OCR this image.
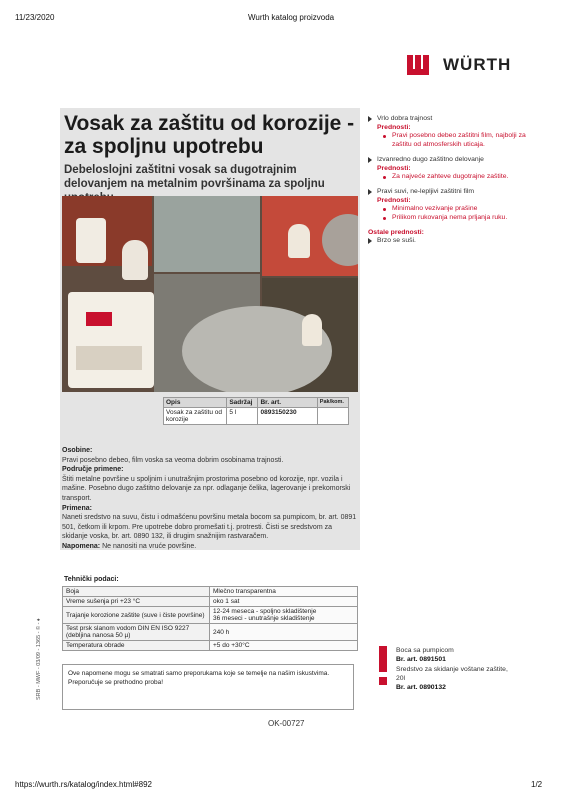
11/23/2020	Wurth katalog proizvoda
WÜRTH
Vosak za zaštitu od korozije - za spoljnu upotrebu
Debeloslojni zaštitni vosak sa dugotrajnim delovanjem na metalnim površinama za spoljnu
Opis	Sadržaj	Br. art.	Pak/kom.
Vosak za zaštitu od korozije	5 l	0893150230	
Osobine:
Pravi posebno debeo, film voska sa veoma dobrim osobinama trajnosti.
Područje primene:
Štiti metalne površine u spoljnim i unutrašnjim prostorima posebno od korozije, npr. vozila i mašine. Posebno dugo zaštitno delovanje za npr. odlaganje čelika, lagerovanje i prekomorski transport.
Primena:
Naneti sredstvo na suvu, čistu i odmašćenu površinu metala bocom sa pumpicom, br. art. 0891 501, četkom ili krpom. Pre upotrebe dobro promešati t.j. protresti. Čisti se sredstvom za skidanje voska, br. art. 0890 132, ili drugim snažnijim rastvaračem.
Napomena: Ne nanositi na vruće površine.
Tehnički podaci:
Boja	Mlečno transparentna
Vreme sušenja pri +23 °C	oko 1 sat
Trajanje korozione zaštite (suve i čiste površine)	12-24 meseca - spoljno skladištenje
36 meseci - unutrašnje skladištenje
Test prsk slanom vodom DIN EN ISO 9227 (debljina nanosa 50 µ)	240 h
Temperatura obrade	+5 do +30°C
Ove napomene mogu se smatrati samo preporukama koje se temelje na našim iskustvima. Preporučuje se prethodno proba!
SRB - MWF - 03/09 - 1365 - © - ♦
Vrlo dobra trajnost
Prednosti:
Pravi posebno debeo zaštitni film, najbolji za zaštitu od atmosferskih uticaja.
Izvanredno dugo zaštitno delovanje
Prednosti:
Za najveće zahteve dugotrajne zaštite.
Pravi suvi, ne-lepljivi zaštitni film
Prednosti:
Minimalno vezivanje prašine
Prilikom rukovanja nema prljanja ruku.
Ostale prednosti:
Brzo se suši.
Boca sa pumpicom
Br. art. 0891501
Sredstvo za skidanje voštane zaštite, 20l
Br. art. 0890132
OK-00727
https://wurth.rs/katalog/index.html#892	1/2
